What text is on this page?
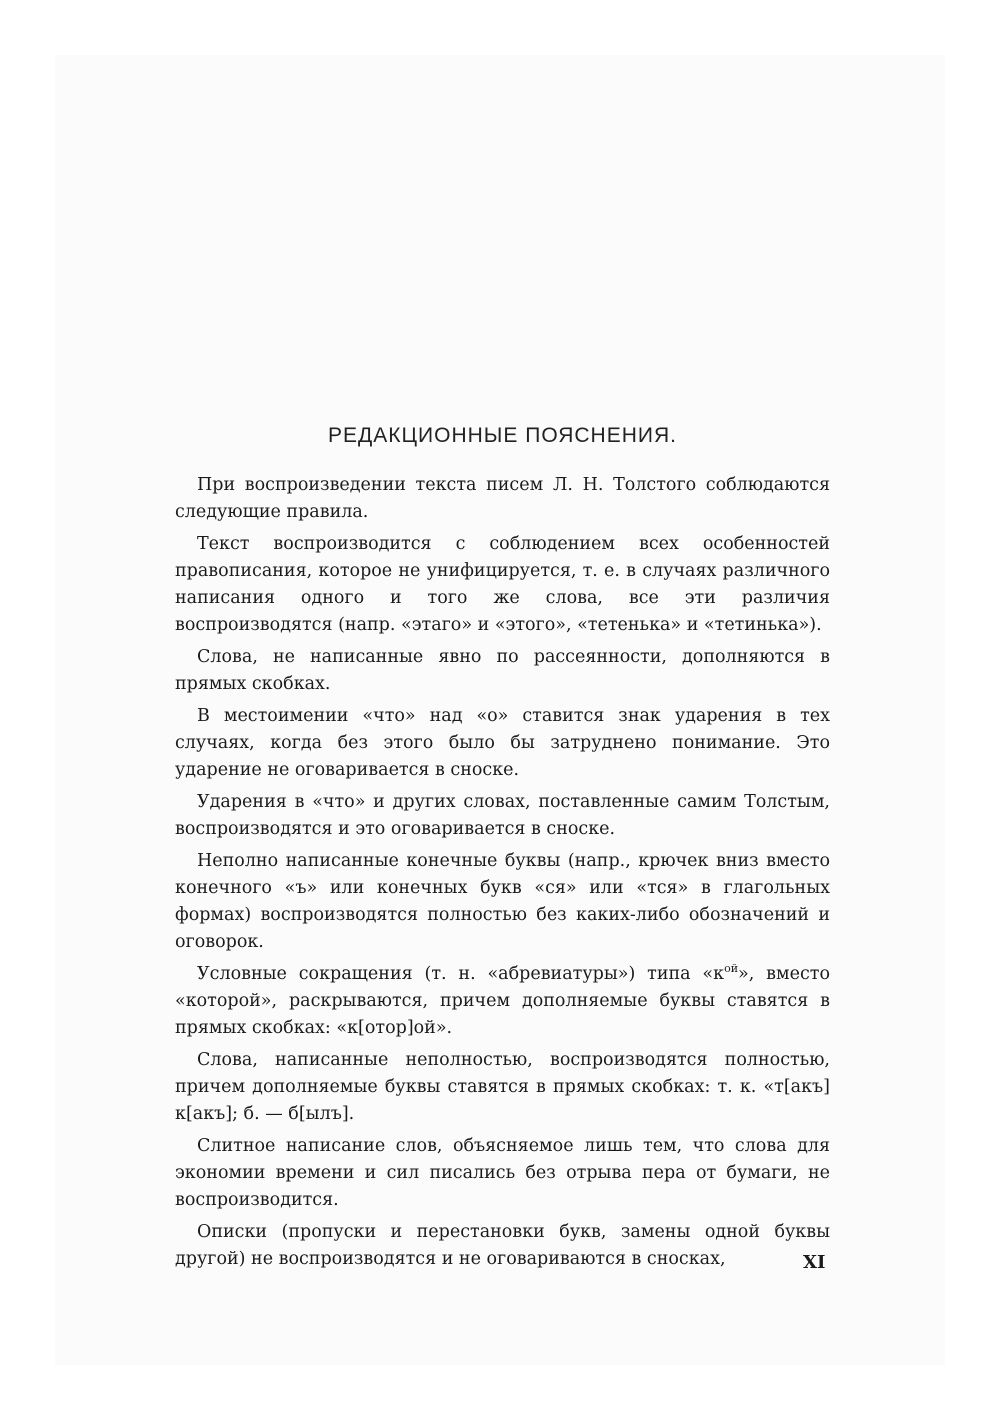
РЕДАКЦИОННЫЕ ПОЯСНЕНИЯ.

При воспроизведении текста писем Л. Н. Толстого соблюдаются следующие правила.

Текст воспроизводится с соблюдением всех особенностей правописания, которое не унифицируется, т. е. в случаях различного написания одного и того же слова, все эти различия воспроизводятся (напр. «этаго» и «этого», «тетенька» и «тетинька»).

Слова, не написанные явно по рассеянности, дополняются в прямых скобках.

В местоимении «что» над «о» ставится знак ударения в тех случаях, когда без этого было бы затруднено понимание. Это ударение не оговаривается в сноске.

Ударения в «что» и других словах, поставленные самим Толстым, воспроизводятся и это оговаривается в сноске.

Неполно написанные конечные буквы (напр., крючек вниз вместо конечного «ъ» или конечных букв «ся» или «тся» в глагольных формах) воспроизводятся полностью без каких-либо обозначений и оговорок.

Условные сокращения (т. н. «абревиатуры») типа «$к^{ой}$», вместо «которой», раскрываются, причем дополняемые буквы ставятся в прямых скобках: «к[отор]ой».

Слова, написанные неполностью, воспроизводятся полностью, причем дополняемые буквы ставятся в прямых скобках: т. к. «т[акъ] к[акъ]; б. — б[ылъ].

Слитное написание слов, объясняемое лишь тем, что слова для экономии времени и сил писались без отрыва пера от бумаги, не воспроизводится.

Описки (пропуски и перестановки букв, замены одной буквы другой) не воспроизводятся и не оговариваются в сносках,	XI
